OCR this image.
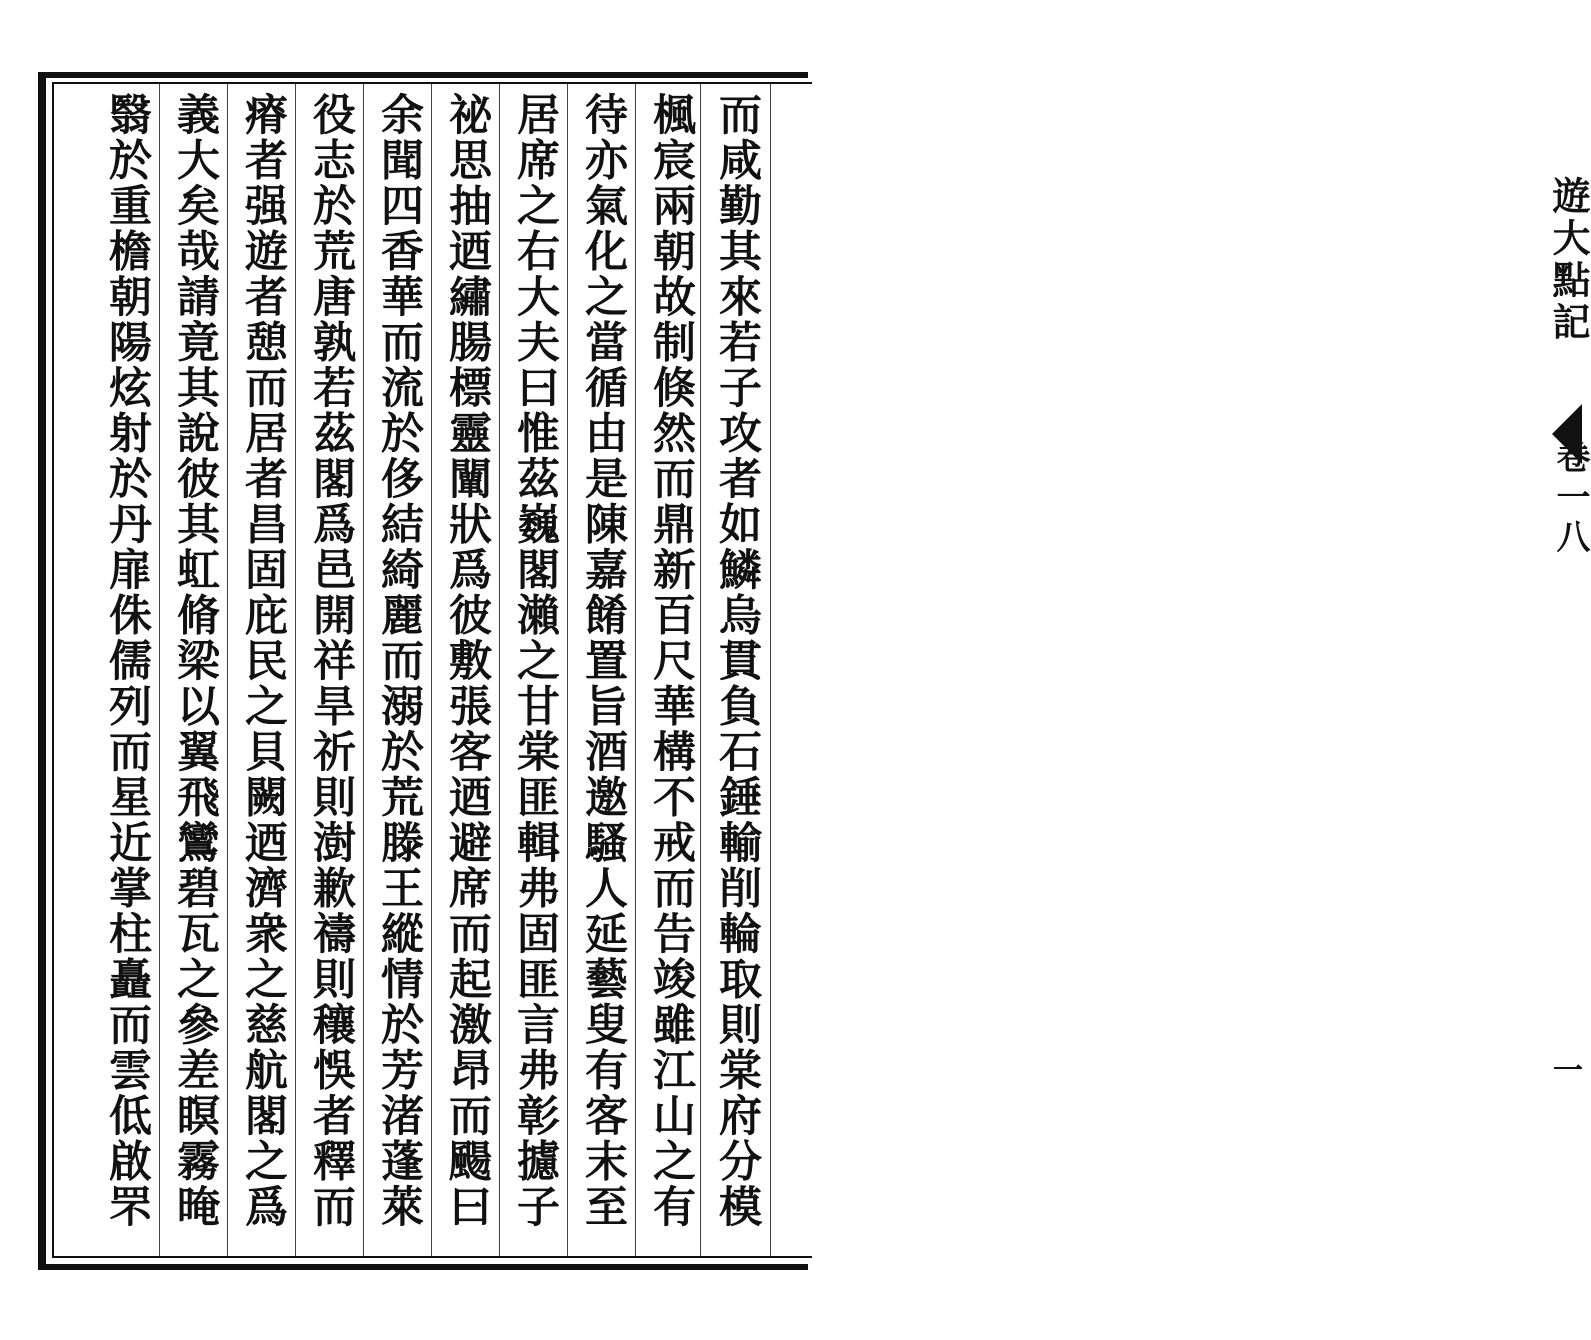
遊大點記
卷一八
一
而咸勤其來若子攻者如鱗烏貫負石錘輸削輪取則棠府分模
楓宸兩朝故制倏然而鼎新百尺華構不戒而告竣雖江山之有
待亦氣化之當循由是陳嘉餚置旨酒邀騷人延藝叟有客末至
居席之右大夫曰惟茲巍閣瀨之甘棠匪輯弗固匪言弗彰攄子
祕思抽迺繡腸標靈闡狀爲彼敷張客迺避席而起激昂而颺曰
余聞四香華而流於侈結綺麗而溺於荒滕王縱情於芳渚蓬萊
役志於荒唐孰若茲閣爲邑開祥旱祈則澍歉禱則穰悞者釋而
瘠者强遊者憩而居者昌固庇民之貝闕迺濟衆之慈航閣之爲
義大矣哉請竟其說彼其虹脩梁以翼飛鸞碧瓦之參差瞑霧晻
翳於重檐朝陽炫射於丹扉侏儒列而星近掌柱矗而雲低啟罘
